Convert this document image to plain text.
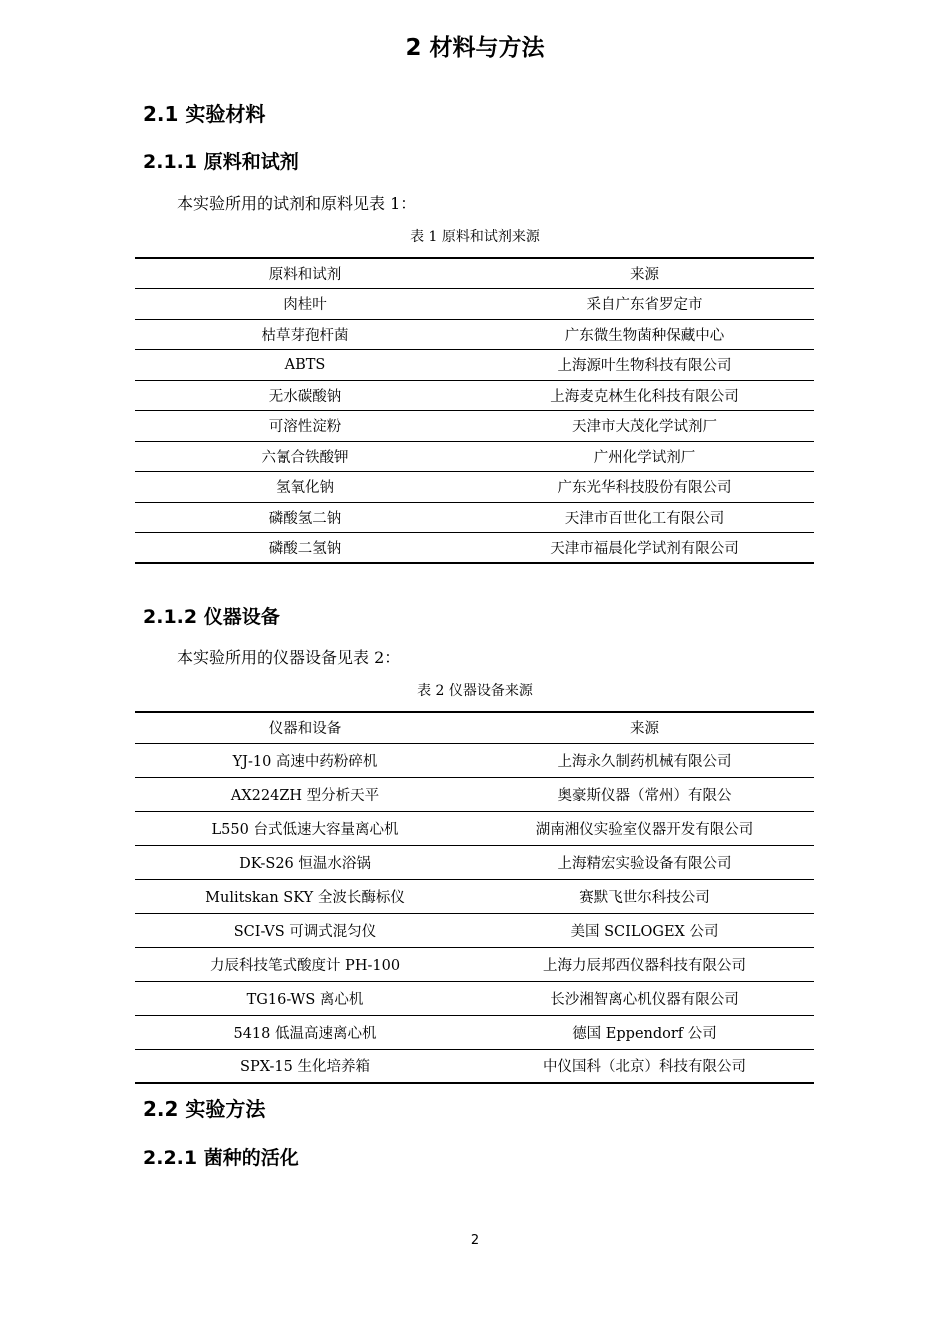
2 材料与方法
2.1 实验材料
2.1.1 原料和试剂
本实验所用的试剂和原料见表 1：
表 1 原料和试剂来源
原料和试剂	来源
肉桂叶	采自广东省罗定市
枯草芽孢杆菌	广东微生物菌种保藏中心
ABTS	上海源叶生物科技有限公司
无水碳酸钠	上海麦克林生化科技有限公司
可溶性淀粉	天津市大茂化学试剂厂
六氰合铁酸钾	广州化学试剂厂
氢氧化钠	广东光华科技股份有限公司
磷酸氢二钠	天津市百世化工有限公司
磷酸二氢钠	天津市福晨化学试剂有限公司
2.1.2 仪器设备
本实验所用的仪器设备见表 2：
表 2 仪器设备来源
仪器和设备	来源
YJ-10 高速中药粉碎机	上海永久制药机械有限公司
AX224ZH 型分析天平	奥豪斯仪器（常州）有限公
L550 台式低速大容量离心机	湖南湘仪实验室仪器开发有限公司
DK-S26 恒温水浴锅	上海精宏实验设备有限公司
Mulitskan SKY 全波长酶标仪	赛默飞世尔科技公司
SCI-VS 可调式混匀仪	美国 SCILOGEX 公司
力辰科技笔式酸度计 PH-100	上海力辰邦西仪器科技有限公司
TG16-WS 离心机	长沙湘智离心机仪器有限公司
5418 低温高速离心机	德国 Eppendorf 公司
SPX-15 生化培养箱	中仪国科（北京）科技有限公司
2.2 实验方法
2.2.1 菌种的活化
2
